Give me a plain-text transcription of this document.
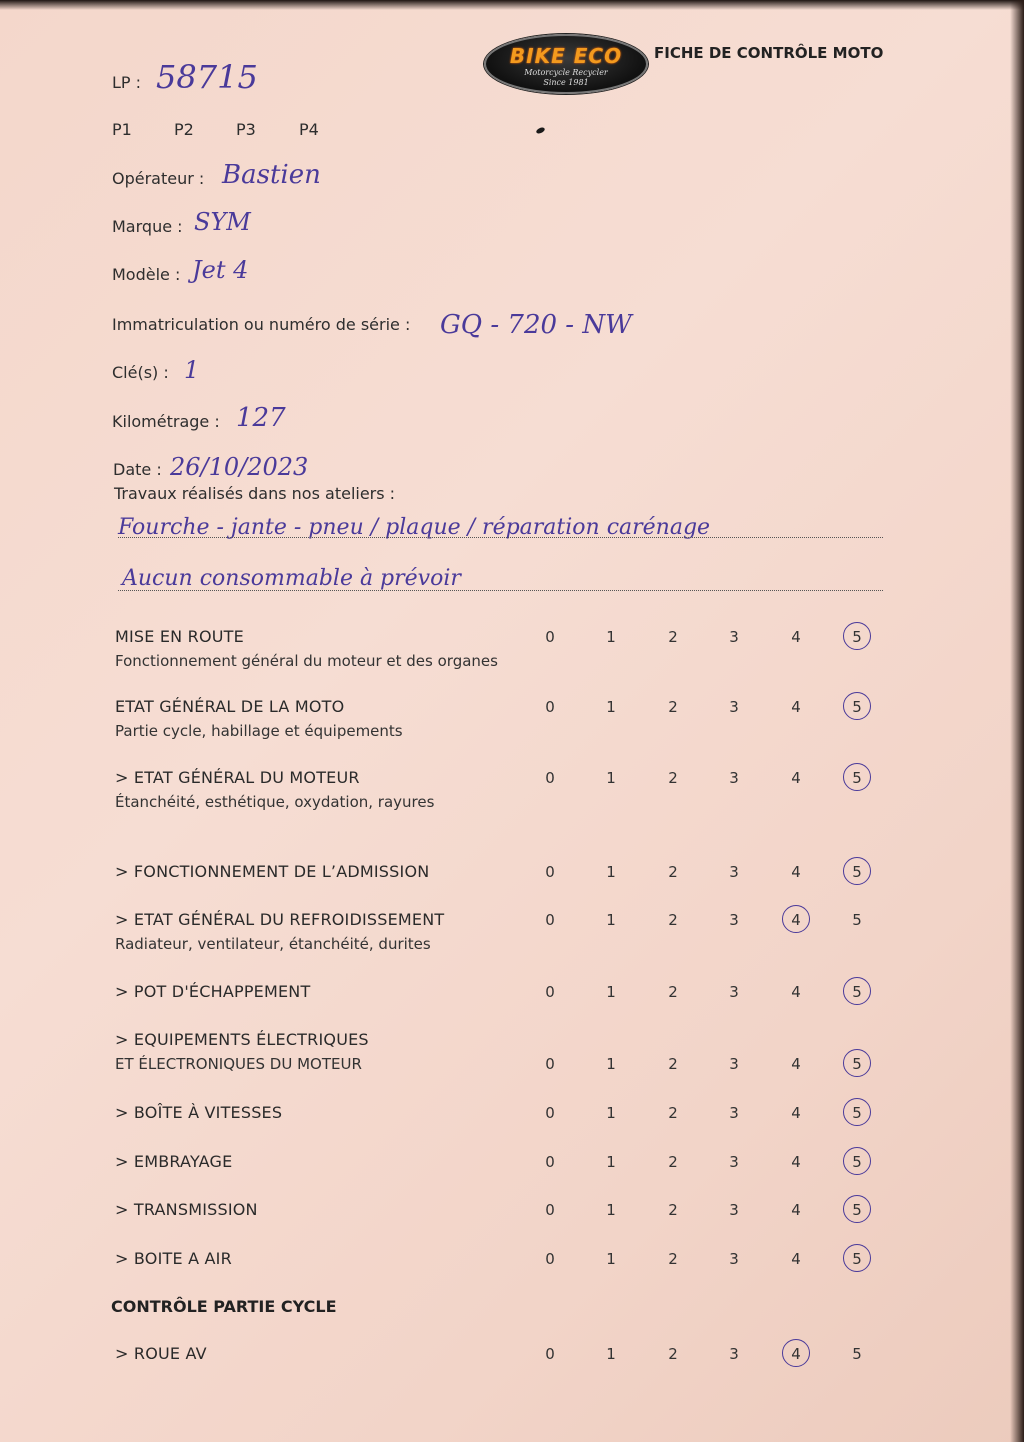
BIKE ECO
Motorcycle Recycler
Since 1981
FICHE DE CONTRÔLE MOTO
LP : 58715
P1	P2	P3	P4
Opérateur : Bastien
Marque : SYM
Modèle : Jet 4
Immatriculation ou numéro de série : GQ - 720 - NW
Clé(s) : 1
Kilométrage : 127
Date : 26/10/2023
Travaux réalisés dans nos ateliers :
Fourche - jante - pneu / plaque / réparation carénage
Aucun consommable à prévoir
MISE EN ROUTE
Fonctionnement général du moteur et des organes
0	1	2	3	4	5
ETAT GÉNÉRAL DE LA MOTO
Partie cycle, habillage et équipements
0	1	2	3	4	5
> ETAT GÉNÉRAL DU MOTEUR
Étanchéité, esthétique, oxydation, rayures
0	1	2	3	4	5
> FONCTIONNEMENT DE L’ADMISSION	0	1	2	3	4	5
> ETAT GÉNÉRAL DU REFROIDISSEMENT
Radiateur, ventilateur, étanchéité, durites
0	1	2	3	4	5
> POT D'ÉCHAPPEMENT	0	1	2	3	4	5
> EQUIPEMENTS ÉLECTRIQUES
ET ÉLECTRONIQUES DU MOTEUR	0	1	2	3	4	5
> BOÎTE À VITESSES	0	1	2	3	4	5
> EMBRAYAGE	0	1	2	3	4	5
> TRANSMISSION	0	1	2	3	4	5
> BOITE A AIR	0	1	2	3	4	5
> ROUE AV	0	1	2	3	4	5
CONTRÔLE PARTIE CYCLE
